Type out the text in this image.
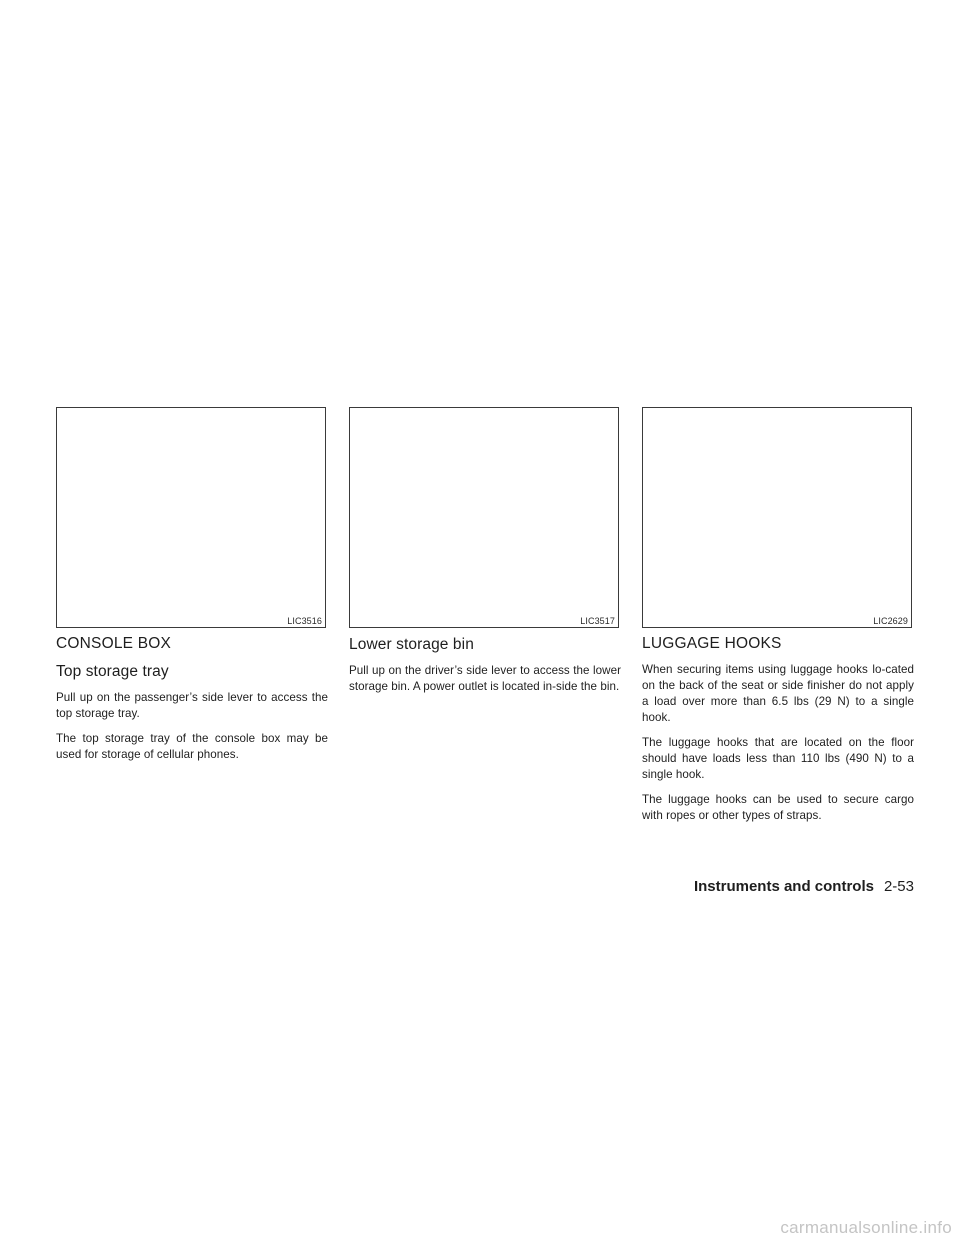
LIC3516	LIC3517	LIC2629
CONSOLE BOX
Top storage tray

Pull up on the passenger’s side lever to access the top storage tray.

The top storage tray of the console box may be used for storage of cellular phones.

Lower storage bin

Pull up on the driver’s side lever to access the lower storage bin. A power outlet is located in-side the bin.

LUGGAGE HOOKS

When securing items using luggage hooks lo-cated on the back of the seat or side finisher do not apply a load over more than 6.5 lbs (29 N) to a single hook.

The luggage hooks that are located on the floor should have loads less than 110 lbs (490 N) to a single hook.

The luggage hooks can be used to secure cargo with ropes or other types of straps.

Instruments and controls 2-53
carmanualsonline.info
